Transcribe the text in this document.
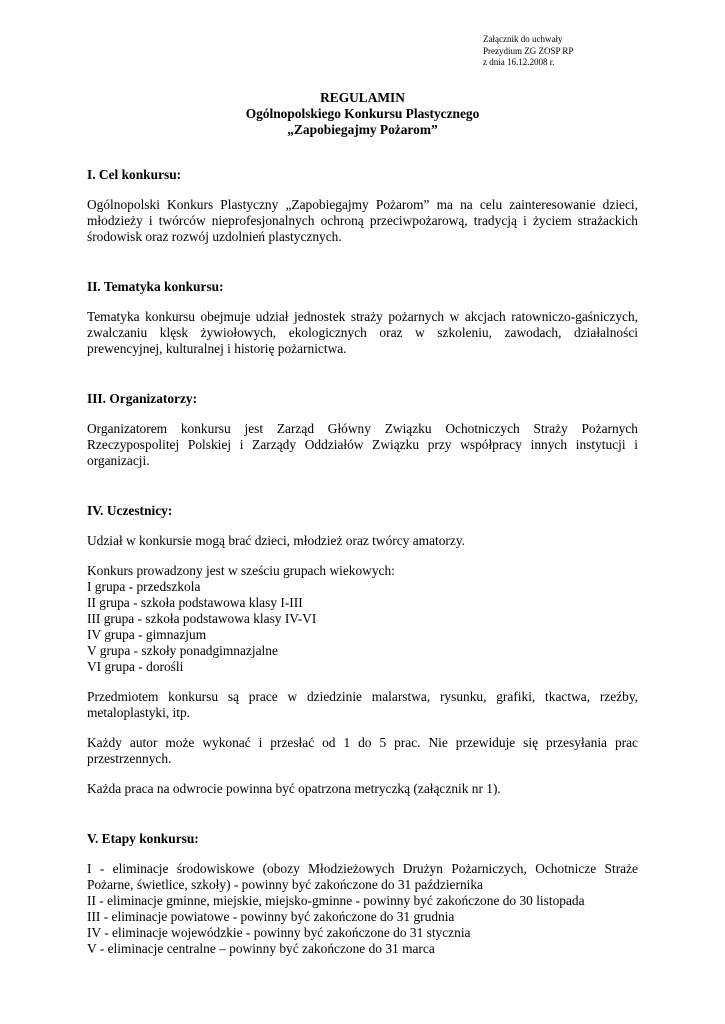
Załącznik do uchwały
Prezydium ZG ZOSP RP
z dnia 16.12.2008 r.
REGULAMIN
Ogólnopolskiego Konkursu Plastycznego
„Zapobiegajmy Pożarom”
I. Cel konkursu:

Ogólnopolski Konkurs Plastyczny „Zapobiegajmy Pożarom” ma na celu zainteresowanie dzieci, młodzieży i twórców nieprofesjonalnych ochroną przeciwpożarową, tradycją i życiem strażackich środowisk oraz rozwój uzdolnień plastycznych.

II. Tematyka konkursu:

Tematyka konkursu obejmuje udział jednostek straży pożarnych w akcjach ratowniczo-gaśniczych, zwalczaniu klęsk żywiołowych, ekologicznych oraz w szkoleniu, zawodach, działalności prewencyjnej, kulturalnej i historię pożarnictwa.

III. Organizatorzy:

Organizatorem konkursu jest Zarząd Główny Związku Ochotniczych Straży Pożarnych Rzeczypospolitej Polskiej i Zarządy Oddziałów Związku przy współpracy innych instytucji i organizacji.

IV. Uczestnicy:

Udział w konkursie mogą brać dzieci, młodzież oraz twórcy amatorzy.

Konkurs prowadzony jest w sześciu grupach wiekowych:

I grupa - przedszkola
II grupa - szkoła podstawowa klasy I-III
III grupa - szkoła podstawowa klasy IV-VI
IV grupa - gimnazjum
V grupa - szkoły ponadgimnazjalne
VI grupa - dorośli

Przedmiotem konkursu są prace w dziedzinie malarstwa, rysunku, grafiki, tkactwa, rzeźby, metaloplastyki, itp.

Każdy autor może wykonać i przesłać od 1 do 5 prac. Nie przewiduje się przesyłania prac przestrzennych.

Każda praca na odwrocie powinna być opatrzona metryczką (załącznik nr 1).

V. Etapy konkursu:

I - eliminacje środowiskowe (obozy Młodzieżowych Drużyn Pożarniczych, Ochotnicze Straże Pożarne, świetlice, szkoły) - powinny być zakończone do 31 października

II - eliminacje gminne, miejskie, miejsko-gminne - powinny być zakończone do 30 listopada
III - eliminacje powiatowe - powinny być zakończone do 31 grudnia
IV - eliminacje wojewódzkie - powinny być zakończone do 31 stycznia
V - eliminacje centralne – powinny być zakończone do 31 marca
